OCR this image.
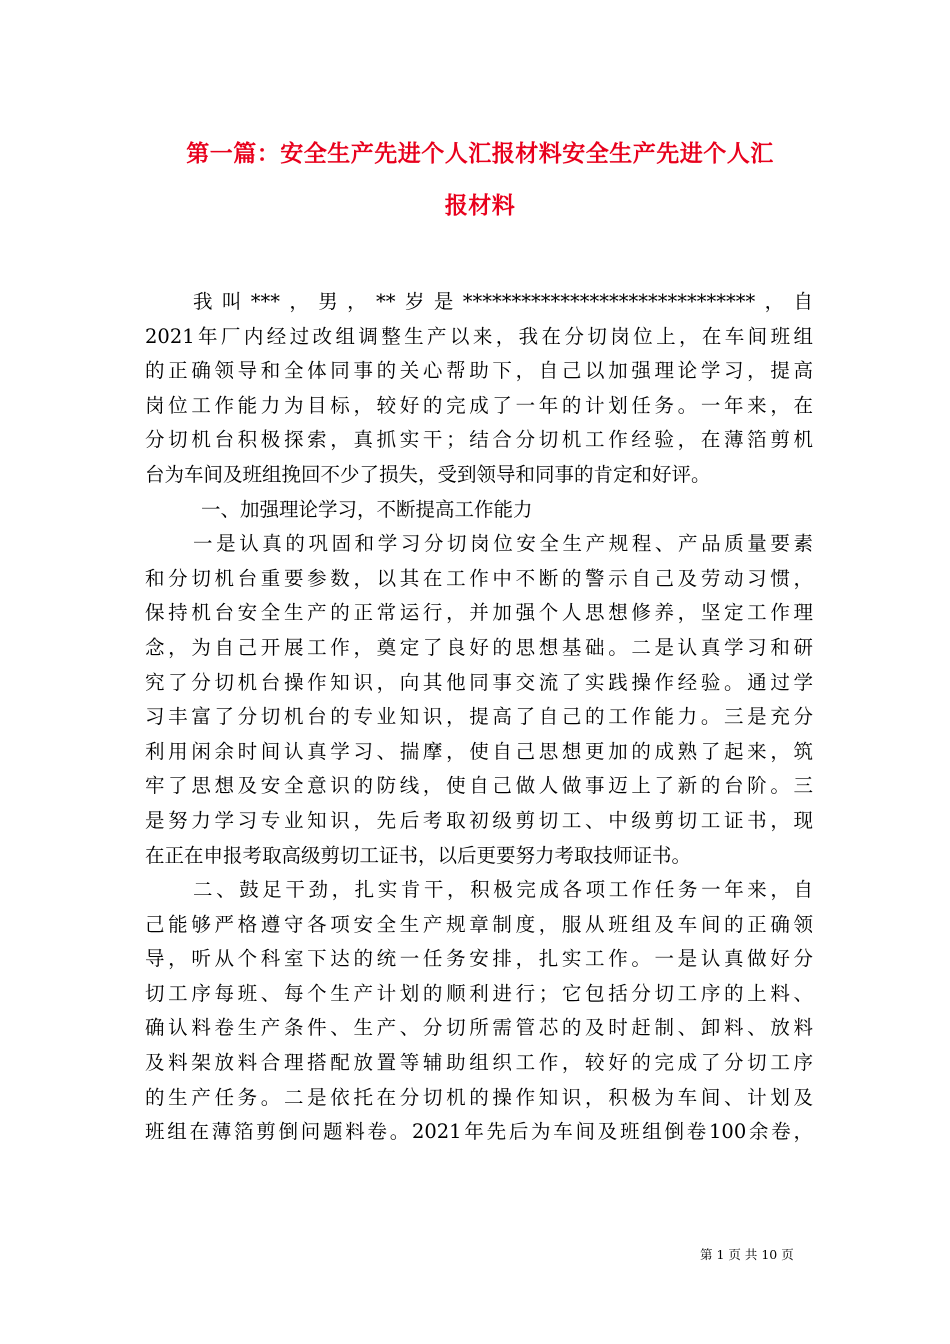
第一篇：安全生产先进个人汇报材料安全生产先进个人汇
报材料
我叫***，男，**岁是******************************，自
2021年厂内经过改组调整生产以来，我在分切岗位上，在车间班组
的正确领导和全体同事的关心帮助下，自己以加强理论学习，提高
岗位工作能力为目标，较好的完成了一年的计划任务。一年来，在
分切机台积极探索，真抓实干；结合分切机工作经验，在薄箔剪机
台为车间及班组挽回不少了损失，受到领导和同事的肯定和好评。
一、加强理论学习，不断提高工作能力
一是认真的巩固和学习分切岗位安全生产规程、产品质量要素
和分切机台重要参数，以其在工作中不断的警示自己及劳动习惯，
保持机台安全生产的正常运行，并加强个人思想修养，坚定工作理
念，为自己开展工作，奠定了良好的思想基础。二是认真学习和研
究了分切机台操作知识，向其他同事交流了实践操作经验。通过学
习丰富了分切机台的专业知识，提高了自己的工作能力。三是充分
利用闲余时间认真学习、揣摩，使自己思想更加的成熟了起来，筑
牢了思想及安全意识的防线，使自己做人做事迈上了新的台阶。三
是努力学习专业知识，先后考取初级剪切工、中级剪切工证书，现
在正在申报考取高级剪切工证书，以后更要努力考取技师证书。
二、鼓足干劲，扎实肯干，积极完成各项工作任务一年来，自
己能够严格遵守各项安全生产规章制度，服从班组及车间的正确领
导，听从个科室下达的统一任务安排，扎实工作。一是认真做好分
切工序每班、每个生产计划的顺利进行；它包括分切工序的上料、
确认料卷生产条件、生产、分切所需管芯的及时赶制、卸料、放料
及料架放料合理搭配放置等辅助组织工作，较好的完成了分切工序
的生产任务。二是依托在分切机的操作知识，积极为车间、计划及
班组在薄箔剪倒问题料卷。2021年先后为车间及班组倒卷100余卷，
第 1 页 共 10 页
